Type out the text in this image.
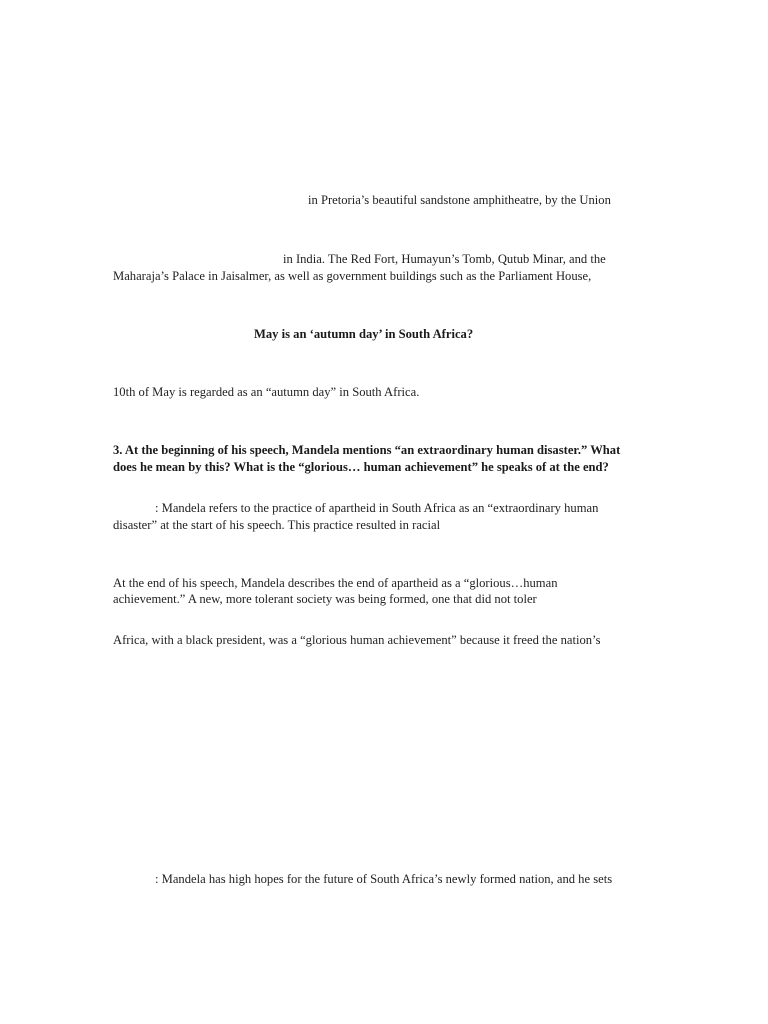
in Pretoria’s beautiful sandstone amphitheatre, by the Union
in India. The Red Fort, Humayun’s Tomb, Qutub Minar, and the
Maharaja’s Palace in Jaisalmer, as well as government buildings such as the Parliament House,
May is an ‘autumn day’ in South Africa?
10th of May is regarded as an “autumn day” in South Africa.
3. At the beginning of his speech, Mandela mentions “an extraordinary human disaster.” What
does he mean by this? What is the “glorious… human achievement” he speaks of at the end?
: Mandela refers to the practice of apartheid in South Africa as an “extraordinary human
disaster” at the start of his speech. This practice resulted in racial
At the end of his speech, Mandela describes the end of apartheid as a “glorious…human
achievement.” A new, more tolerant society was being formed, one that did not toler
Africa, with a black president, was a “glorious human achievement” because it freed the nation’s
: Mandela has high hopes for the future of South Africa’s newly formed nation, and he sets
